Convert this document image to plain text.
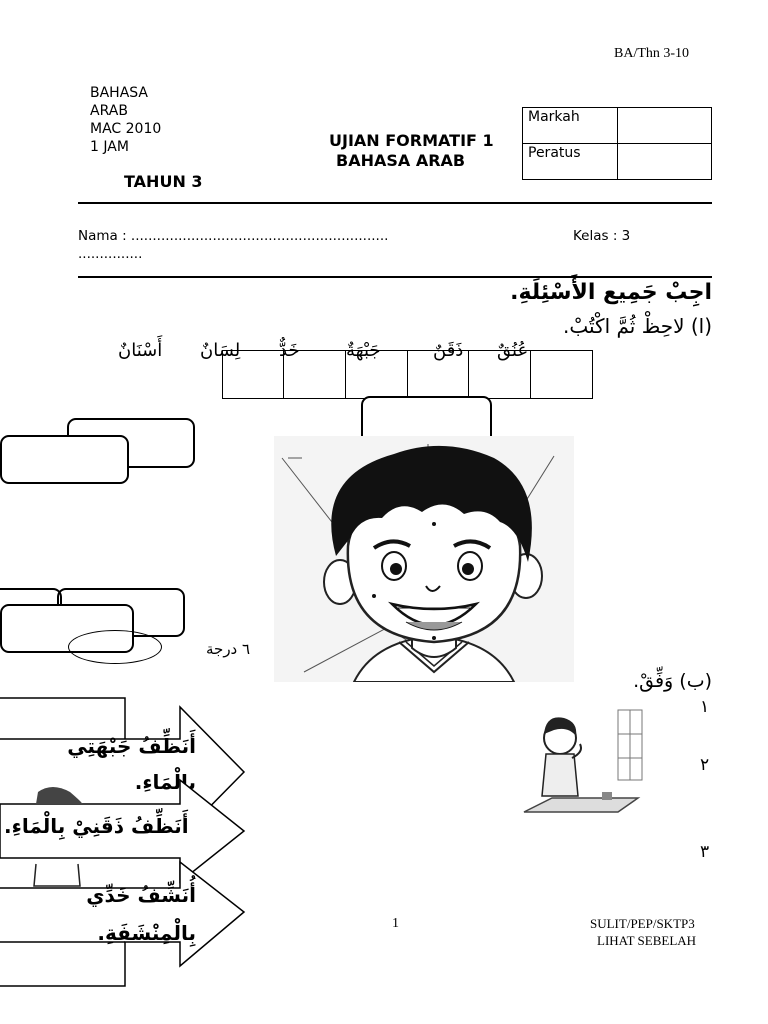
BA/Thn 3-10
BAHASA
ARAB
MAC 2010
1 JAM	UJIAN FORMATIF 1
BAHASA ARAB
TAHUN 3
Markah	
Peratus	
Nama : ............................................................
...............
Kelas : 3
اجِبْ جَمِيع الأَسْئِلَةِ.
(ا) لاحِظْ ثُمَّ اكْتُبْ.
عُنُقٌ
ذَقَنٌ
جَبْهَةٌ
خَدٌّ
لِسَانٌ
أَسْنَانٌ
٦ درجة
(ب) وَفِّقْ.
١
٢
٣
أَنَظِّفُ جَبْهَتِي بِالْمَاءِ.
أَنَظِّفُ ذَقَنِيْ بِالْمَاءِ.
أُنَشِّفُ خَدِّي بِالْمِنْشَفَةِ.	1	SULIT/PEP/SKTP3
LIHAT SEBELAH
